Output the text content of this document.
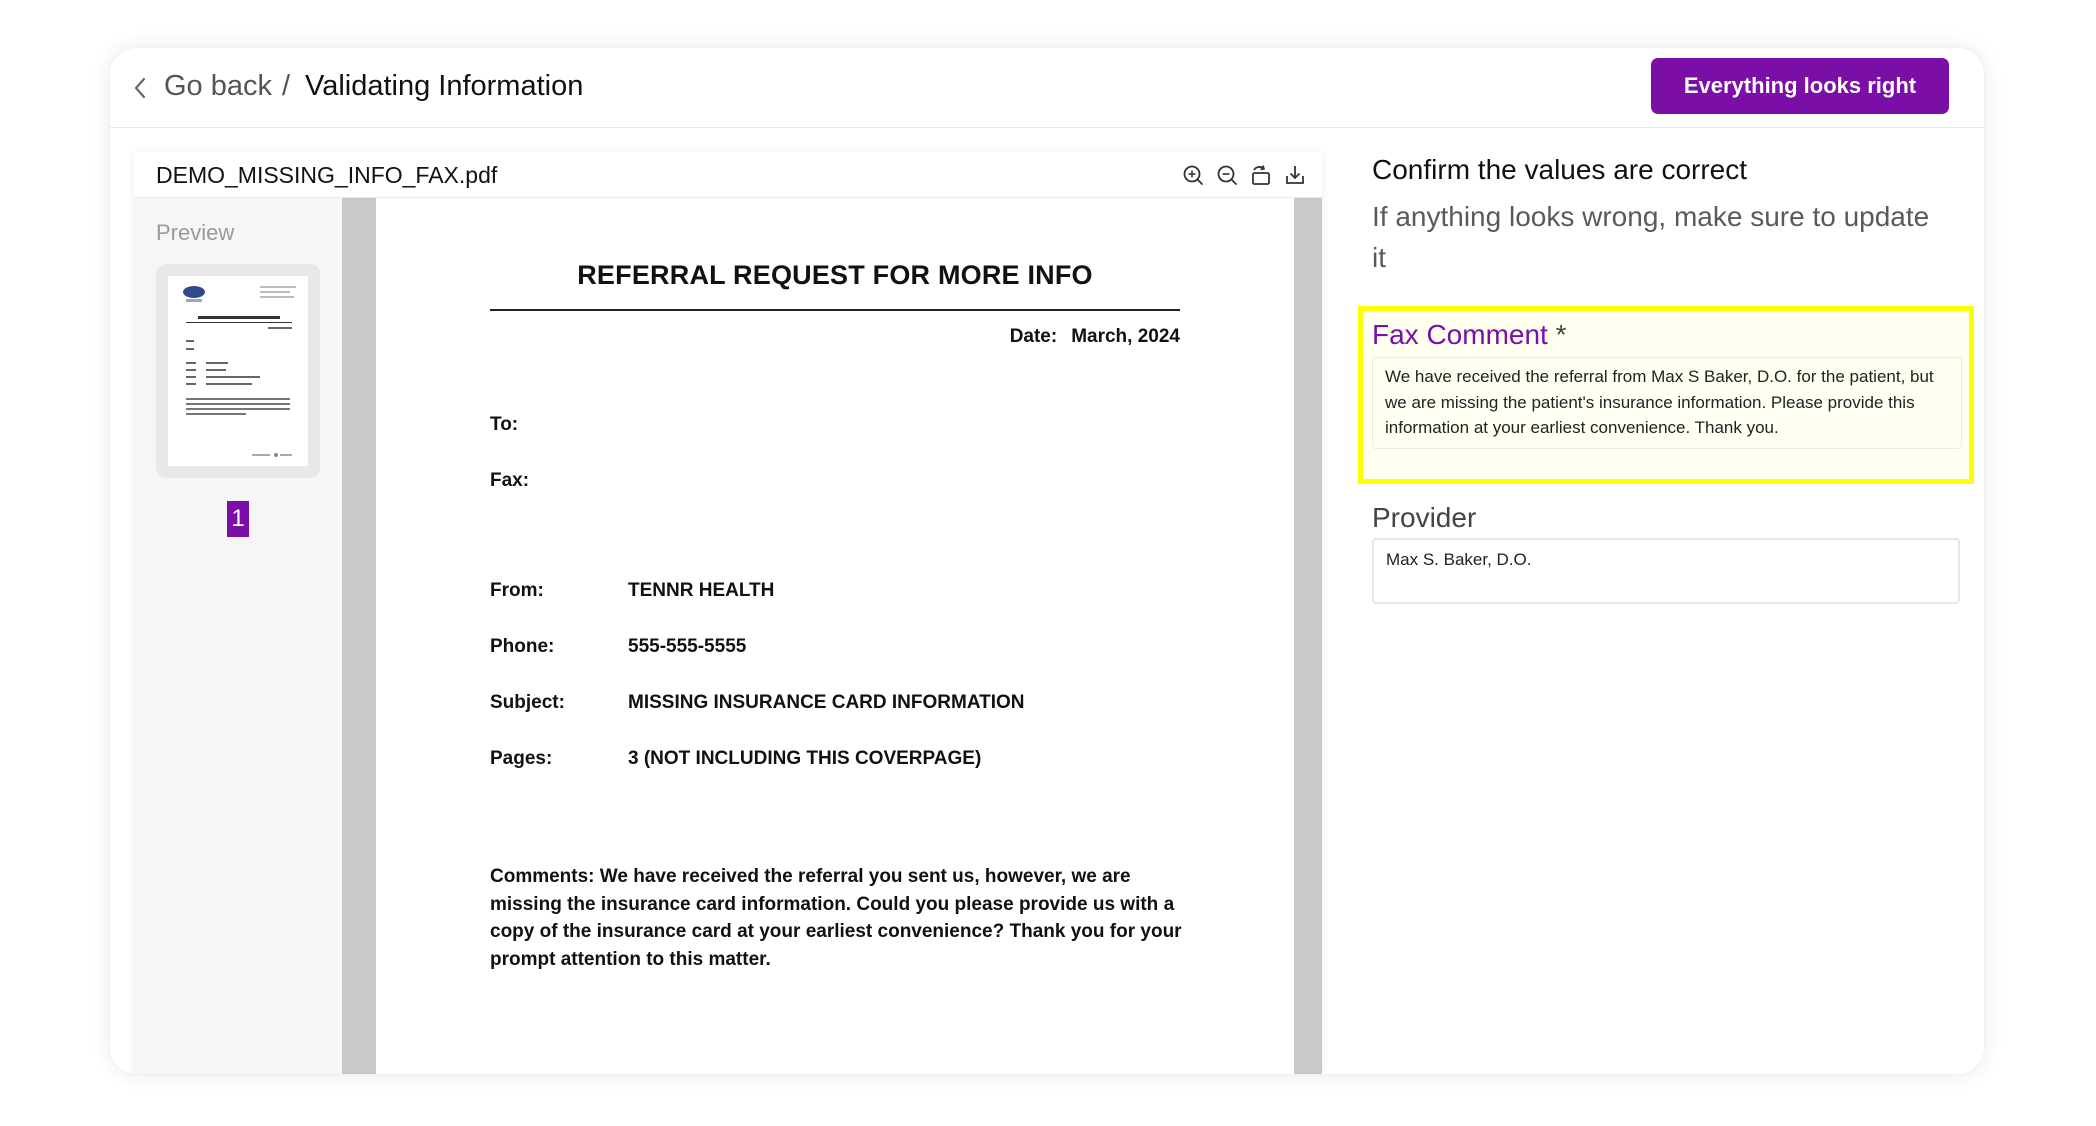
Go back / Validating Information	Everything looks right
DEMO_MISSING_INFO_FAX.pdf
Preview
1
REFERRAL REQUEST FOR MORE INFO
Date: March, 2024
To:
Fax:
From:	TENNR HEALTH
Phone:	555-555-5555
Subject:	MISSING INSURANCE CARD INFORMATION
Pages:	3 (NOT INCLUDING THIS COVERPAGE)
Comments: We have received the referral you sent us, however, we are missing the insurance card information. Could you please provide us with a copy of the insurance card at your earliest convenience? Thank you for your prompt attention to this matter.
Confirm the values are correct
If anything looks wrong, make sure to update it
Fax Comment *
We have received the referral from Max S Baker, D.O. for the patient, but we are missing the patient's insurance information. Please provide this information at your earliest convenience. Thank you.
Provider
Max S. Baker, D.O.
